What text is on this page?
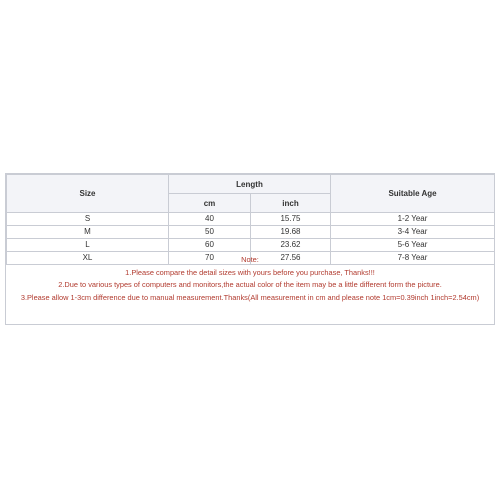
Size	Length		Suitable Age
	cm	inch	
S	40	15.75	1-2 Year
M	50	19.68	3-4 Year
L	60	23.62	5-6 Year
XL	70	27.56	7-8 Year
Note:
1.Please compare the detail sizes with yours before you purchase, Thanks!!!
2.Due to various types of computers and monitors,the actual color of the item may be a little different form the picture.
3.Please allow 1-3cm difference due to manual measurement.Thanks(All measurement in cm and please note 1cm=0.39inch 1inch=2.54cm)
